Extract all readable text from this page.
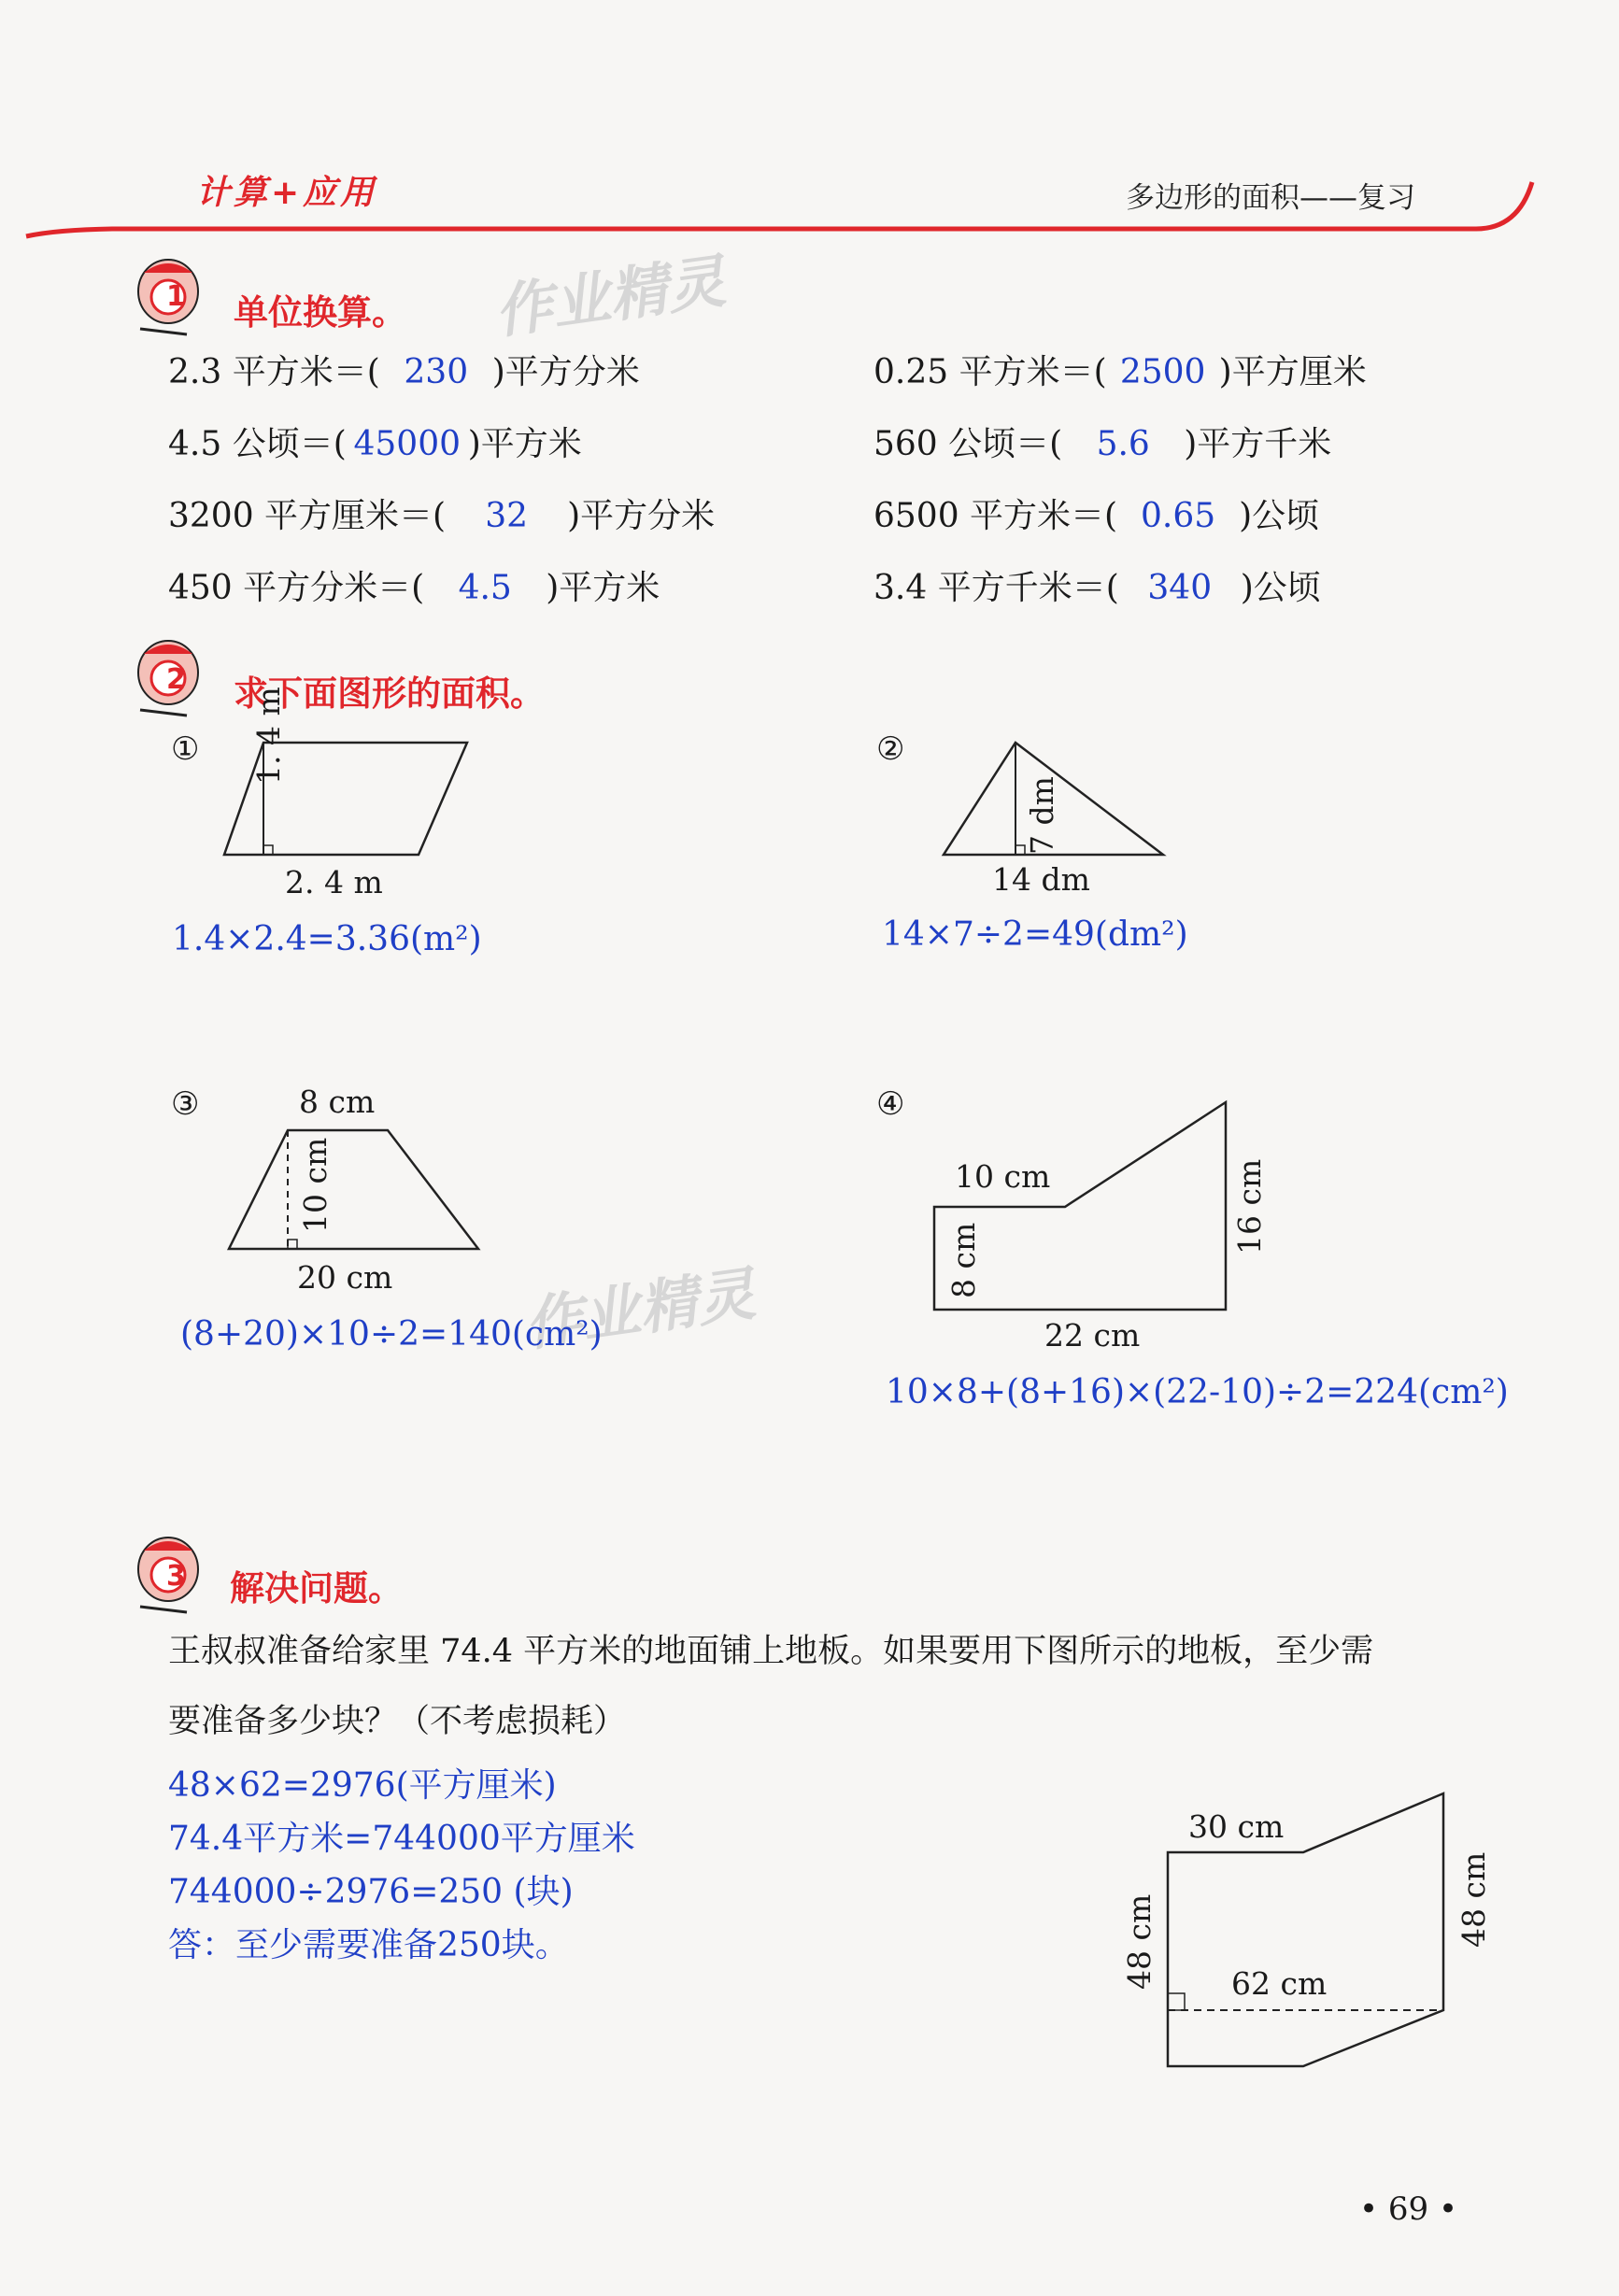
计算+应用	多边形的面积——复习
作业精灵
作业精灵
1 单位换算。
2.3 平方米＝( 230 )平方分米	0.25 平方米＝( 2500 )平方厘米
4.5 公顷＝( 45000 )平方米	560 公顷＝( 5.6 )平方千米
3200 平方厘米＝( 32 )平方分米	6500 平方米＝( 0.65 )公顷
450 平方分米＝( 4.5 )平方米	3.4 平方千米＝( 340 )公顷
2 求下面图形的面积。
① 1. 4 m
2. 4 m
1.4×2.4=3.36(m²)
②
7 dm
14 dm
14×7÷2=49(dm²)
③	8 cm
10 cm
20 cm
(8+20)×10÷2=140(cm²)
④
10 cm	16 cm
8 cm
22 cm
10×8+(8+16)×(22-10)÷2=224(cm²)
3 解决问题。
王叔叔准备给家里 74.4 平方米的地面铺上地板。如果要用下图所示的地板，至少需
要准备多少块？（不考虑损耗）
48×62=2976(平方厘米)
74.4平方米=744000平方厘米
744000÷2976=250 (块)
答：至少需要准备250块。
30 cm
48 cm	48 cm
62 cm
• 69 •
